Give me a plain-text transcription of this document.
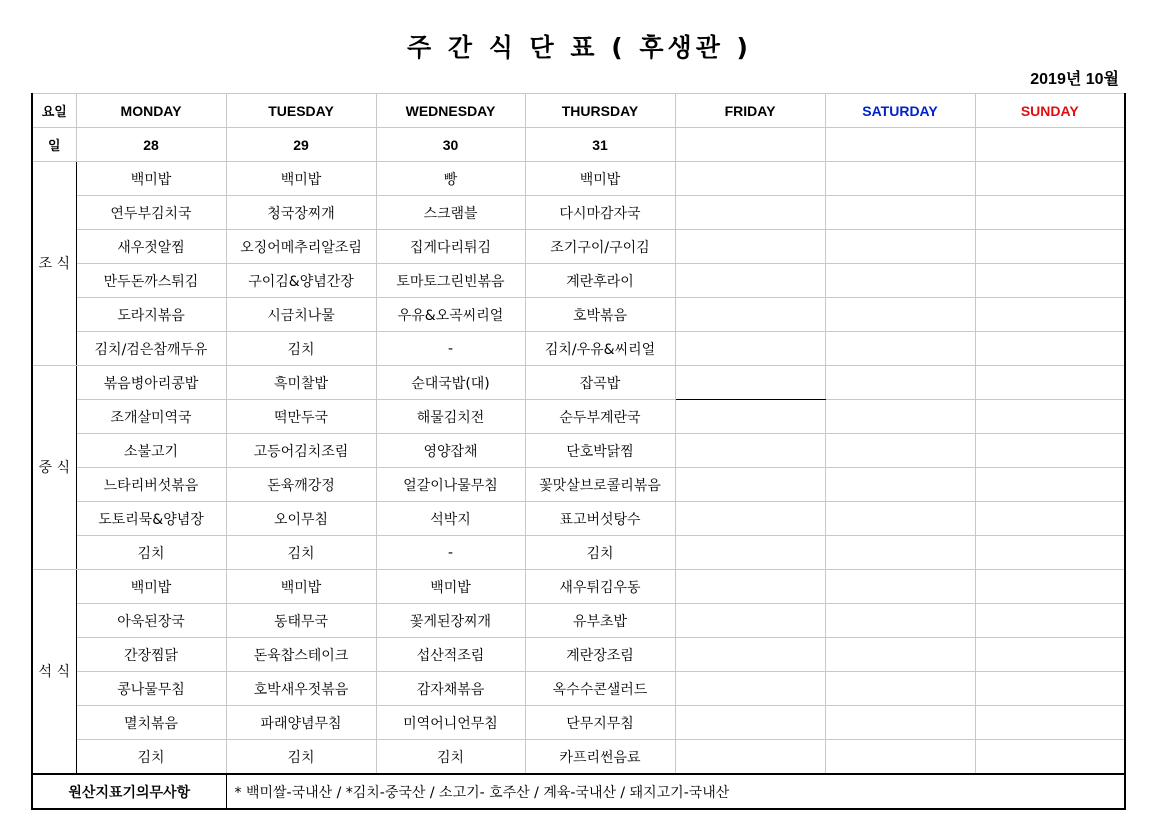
주 간 식 단 표 ( 후생관 )
2019년 10월
요일	MONDAY	TUESDAY	WEDNESDAY	THURSDAY	FRIDAY	SATURDAY	SUNDAY
일	28	29	30	31			
조 식	백미밥	백미밥	빵	백미밥			
	연두부김치국	청국장찌개	스크램블	다시마감자국			
	새우젓알찜	오징어메추리알조림	집게다리튀김	조기구이/구이김			
	만두돈까스튀김	구이김&양념간장	토마토그린빈볶음	계란후라이			
	도라지볶음	시금치나물	우유&오곡씨리얼	호박볶음			
	김치/검은참깨두유	김치	-	김치/우유&씨리얼			
중 식	볶음병아리콩밥	흑미찰밥	순대국밥(대)	잡곡밥			
	조개살미역국	떡만두국	해물김치전	순두부계란국			
	소불고기	고등어김치조림	영양잡채	단호박닭찜			
	느타리버섯볶음	돈육깨강정	얼갈이나물무침	꽃맛살브로콜리볶음			
	도토리묵&양념장	오이무침	석박지	표고버섯탕수			
	김치	김치	-	김치			
석 식	백미밥	백미밥	백미밥	새우튀김우동			
	아욱된장국	동태무국	꽃게된장찌개	유부초밥			
	간장찜닭	돈육찹스테이크	섭산적조림	계란장조림			
	콩나물무침	호박새우젓볶음	감자채볶음	옥수수콘샐러드			
	멸치볶음	파래양념무침	미역어니언무침	단무지무침			
	김치	김치	김치	카프리썬음료			
원산지표기의무사항		* 백미쌀-국내산 / *김치-중국산 / 소고기- 호주산 / 계육-국내산 / 돼지고기-국내산					
